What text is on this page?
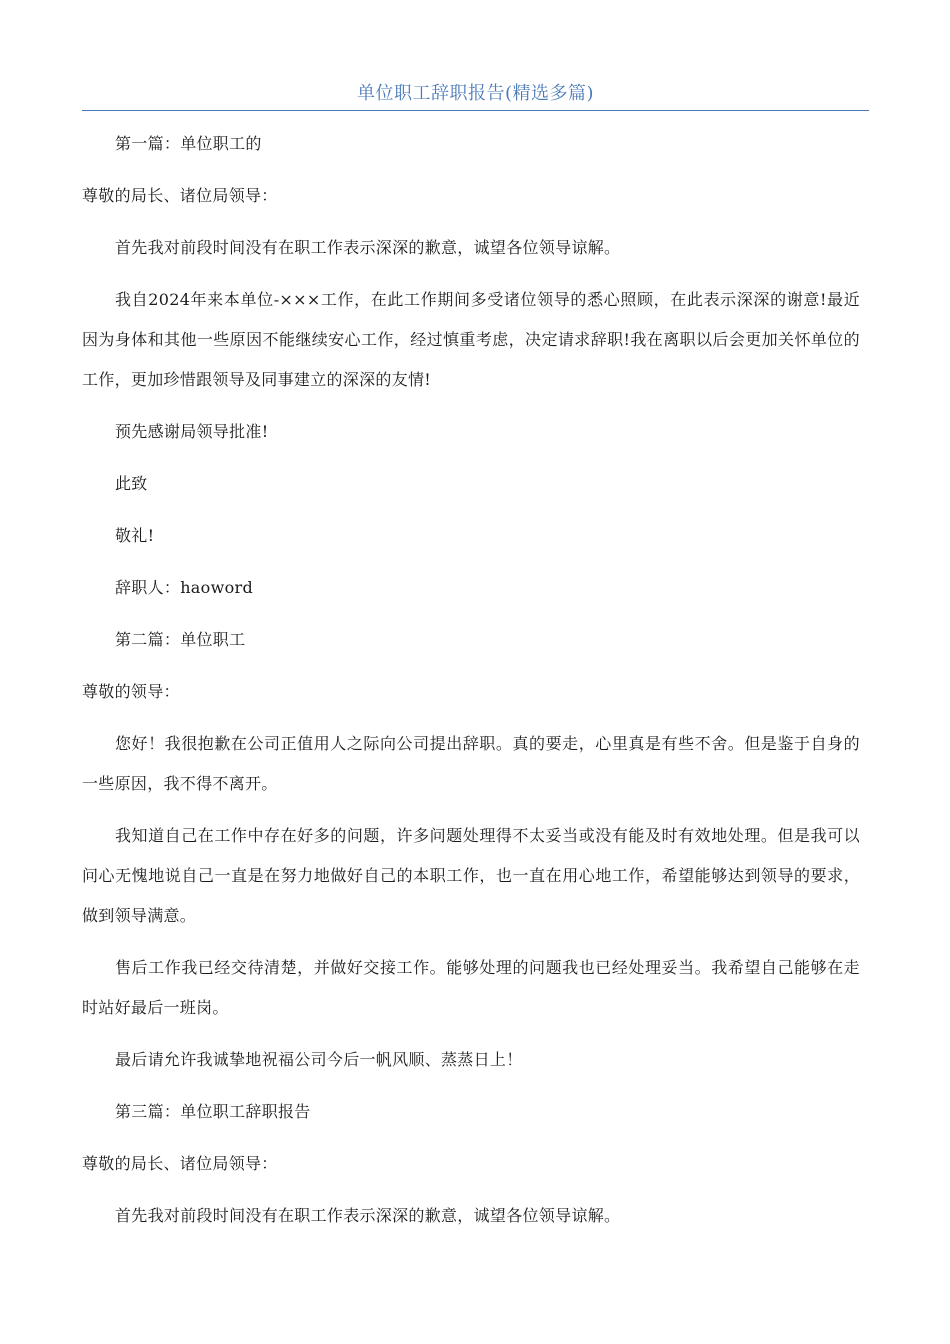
单位职工辞职报告(精选多篇)

第一篇：单位职工的

尊敬的局长、诸位局领导：

首先我对前段时间没有在职工作表示深深的歉意，诚望各位领导谅解。

我自2024年来本单位-×××工作，在此工作期间多受诸位领导的悉心照顾，在此表示深深的谢意!最近因为身体和其他一些原因不能继续安心工作，经过慎重考虑，决定请求辞职!我在离职以后会更加关怀单位的工作，更加珍惜跟领导及同事建立的深深的友情!

预先感谢局领导批准!

此致

敬礼!

辞职人：haoword

第二篇：单位职工

尊敬的领导：

您好！我很抱歉在公司正值用人之际向公司提出辞职。真的要走，心里真是有些不舍。但是鉴于自身的一些原因，我不得不离开。

我知道自己在工作中存在好多的问题，许多问题处理得不太妥当或没有能及时有效地处理。但是我可以问心无愧地说自己一直是在努力地做好自己的本职工作，也一直在用心地工作，希望能够达到领导的要求，做到领导满意。

售后工作我已经交待清楚，并做好交接工作。能够处理的问题我也已经处理妥当。我希望自己能够在走时站好最后一班岗。

最后请允许我诚挚地祝福公司今后一帆风顺、蒸蒸日上！

第三篇：单位职工辞职报告

尊敬的局长、诸位局领导：

首先我对前段时间没有在职工作表示深深的歉意，诚望各位领导谅解。
